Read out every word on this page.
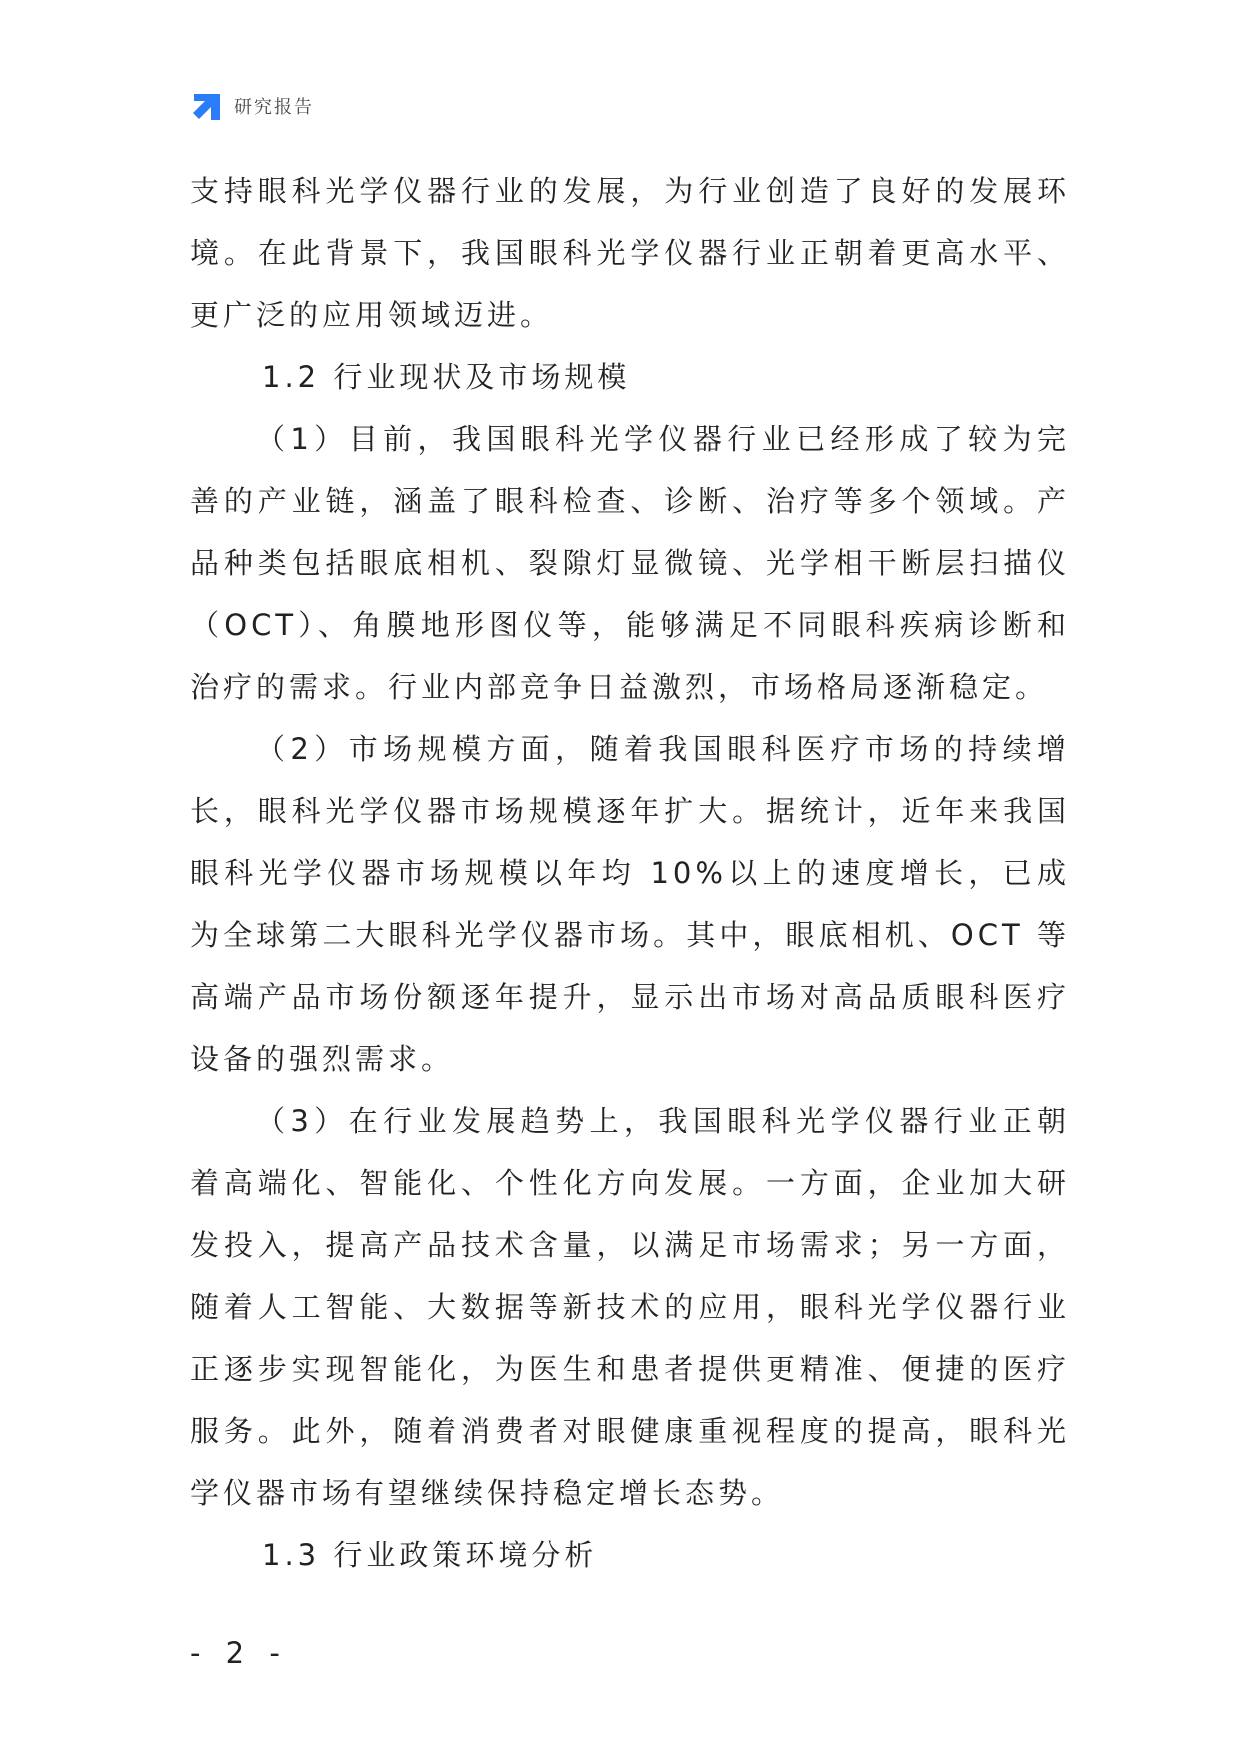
研究报告

支持眼科光学仪器行业的发展，为行业创造了良好的发展环境。在此背景下，我国眼科光学仪器行业正朝着更高水平、更广泛的应用领域迈进。

1.2 行业现状及市场规模

（1）目前，我国眼科光学仪器行业已经形成了较为完善的产业链，涵盖了眼科检查、诊断、治疗等多个领域。产品种类包括眼底相机、裂隙灯显微镜、光学相干断层扫描仪（OCT）、角膜地形图仪等，能够满足不同眼科疾病诊断和治疗的需求。行业内部竞争日益激烈，市场格局逐渐稳定。

（2）市场规模方面，随着我国眼科医疗市场的持续增长，眼科光学仪器市场规模逐年扩大。据统计，近年来我国眼科光学仪器市场规模以年均 10%以上的速度增长，已成为全球第二大眼科光学仪器市场。其中，眼底相机、OCT 等高端产品市场份额逐年提升，显示出市场对高品质眼科医疗设备的强烈需求。

（3）在行业发展趋势上，我国眼科光学仪器行业正朝着高端化、智能化、个性化方向发展。一方面，企业加大研发投入，提高产品技术含量，以满足市场需求；另一方面，随着人工智能、大数据等新技术的应用，眼科光学仪器行业正逐步实现智能化，为医生和患者提供更精准、便捷的医疗服务。此外，随着消费者对眼健康重视程度的提高，眼科光学仪器市场有望继续保持稳定增长态势。

1.3 行业政策环境分析

- 2 -
